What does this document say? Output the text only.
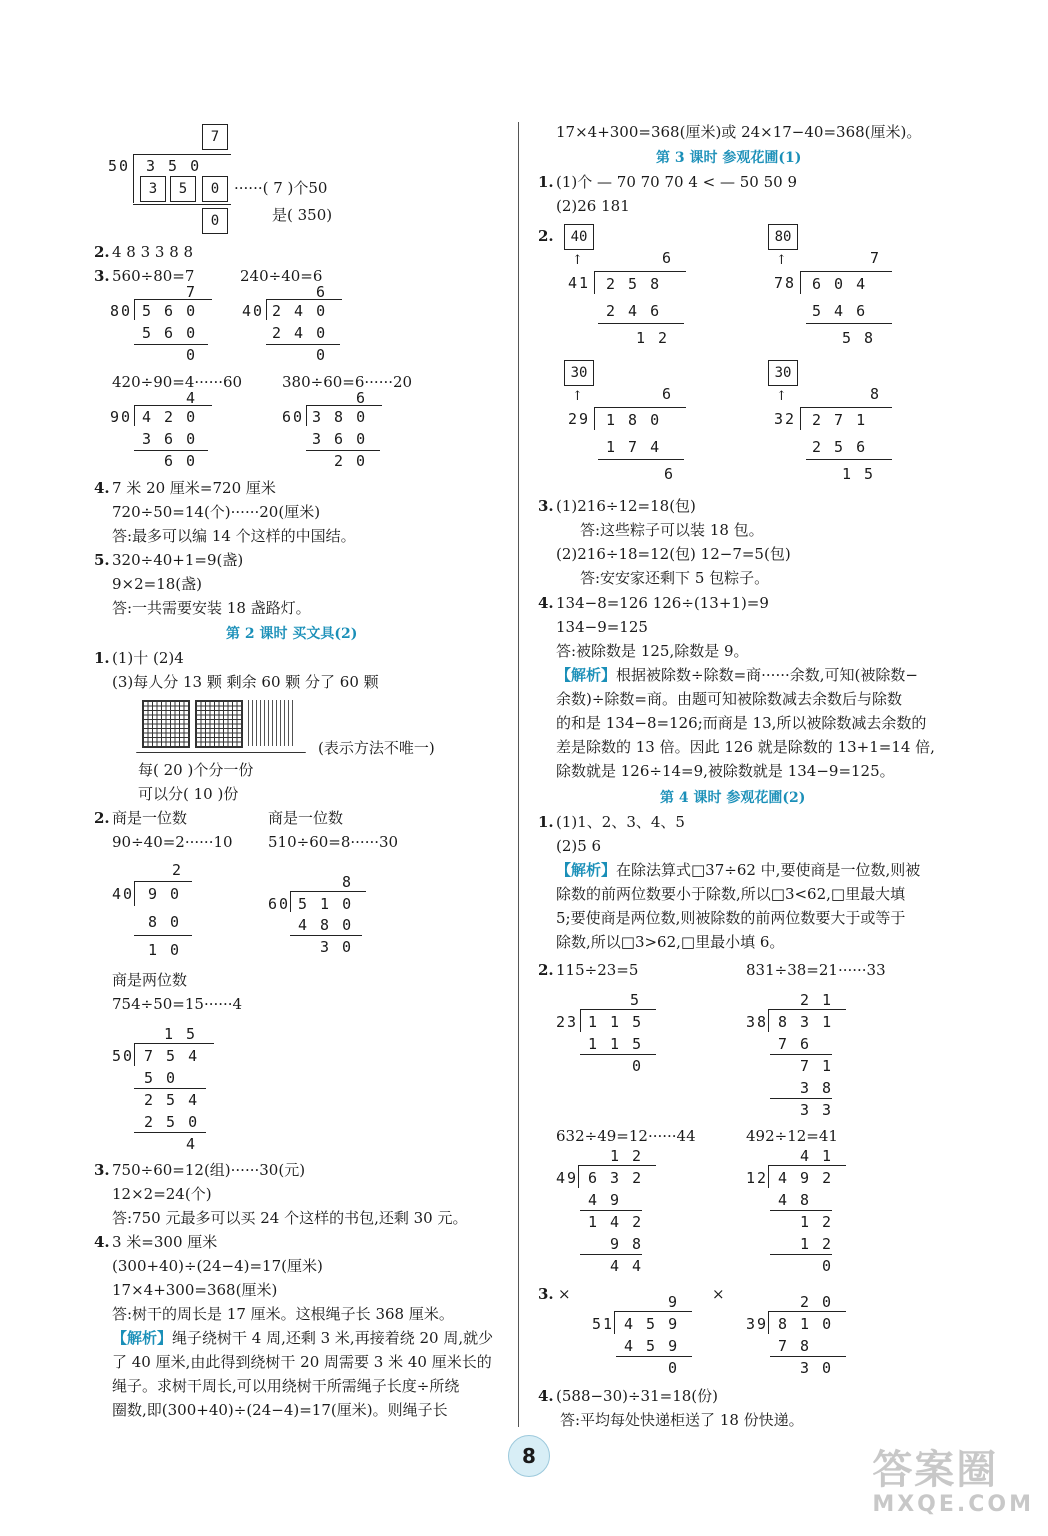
7
50 3 5 0
3	5	0 ······( 7 )个50
是( 350)
0
2. 4 8 3 3 8 8
3. 560÷80=7	240÷40=6
7
80 5 6 0
5 6 0
0
6
40 2 4 0
2 4 0
0
420÷90=4······60	380÷60=6······20
4
90 4 2 0
3 6 0
6 0
6
60 3 8 0
3 6 0
2 0
4. 7 米 20 厘米=720 厘米
720÷50=14(个)······20(厘米)
答:最多可以编 14 个这样的中国结。
5. 320÷40+1=9(盏)
9×2=18(盏)
答:一共需要安装 18 盏路灯。
第 2 课时 买文具(2)
1. (1)十 (2)4
(3)每人分 13 颗 剩余 60 颗 分了 60 颗
(表示方法不唯一)
每( 20 )个分一份
可以分( 10 )份
2. 商是一位数	商是一位数
90÷40=2······10 510÷60=8······30
2
40 9 0
8 0
1 0
8
60 5 1 0
4 8 0
3 0
商是两位数
754÷50=15······4
1 5
50 7 5 4
5 0
2 5 4
2 5 0
4
3. 750÷60=12(组)······30(元)
12×2=24(个)
答:750 元最多可以买 24 个这样的书包,还剩 30 元。
4. 3 米=300 厘米
(300+40)÷(24−4)=17(厘米)
17×4+300=368(厘米)
答:树干的周长是 17 厘米。这根绳子长 368 厘米。
【解析】 绳子绕树干 4 周,还剩 3 米,再接着绕 20 周,就少
了 40 厘米,由此得到绕树干 20 周需要 3 米 40 厘米长的
绳子。求树干周长,可以用绕树干所需绳子长度÷所绕
圈数,即(300+40)÷(24−4)=17(厘米)。则绳子长
17×4+300=368(厘米)或 24×17−40=368(厘米)。
第 3 课时 参观花圃(1)
1. (1)个 — 70 70 70 4 < — 50 50 9
(2)26 181
2.	40
↑	6
41 2 5 8
2 4 6
1 2
80
↑	7
78 6 0 4
5 4 6
5 8
30
↑	6
29 1 8 0
1 7 4
6
30
↑	8
32 2 7 1
2 5 6
1 5
3. (1)216÷12=18(包)
答:这些粽子可以装 18 包。
(2)216÷18=12(包) 12−7=5(包)
答:安安家还剩下 5 包粽子。
4. 134−8=126 126÷(13+1)=9
134−9=125
答:被除数是 125,除数是 9。
【解析】 根据被除数÷除数=商······余数,可知(被除数−
余数)÷除数=商。由题可知被除数减去余数后与除数
的和是 134−8=126;而商是 13,所以被除数减去余数的
差是除数的 13 倍。因此 126 就是除数的 13+1=14 倍,
除数就是 126÷14=9,被除数就是 134−9=125。
第 4 课时 参观花圃(2)
1. (1)1、2、3、4、5
(2)5 6
【解析】 在除法算式□37÷62 中,要使商是一位数,则被
除数的前两位数要小于除数,所以□3<62,□里最大填
5;要使商是两位数,则被除数的前两位数要大于或等于
除数,所以□3>62,□里最小填 6。
2. 115÷23=5	831÷38=21······33
5
23 1 1 5
1 1 5
0
2 1
38 8 3 1
7 6
7 1
3 8
3 3
632÷49=12······44	492÷12=41
1 2
49 6 3 2
4 9
1 4 2
9 8
4 4
4 1
12 4 9 2
4 8
1 2
1 2
0
3. ×	×
9
51 4 5 9
4 5 9
0
2 0
39 8 1 0
7 8
3 0
4. (588−30)÷31=18(份)
答:平均每处快递柜送了 18 份快递。
8	答案圈
MXQE.COM
